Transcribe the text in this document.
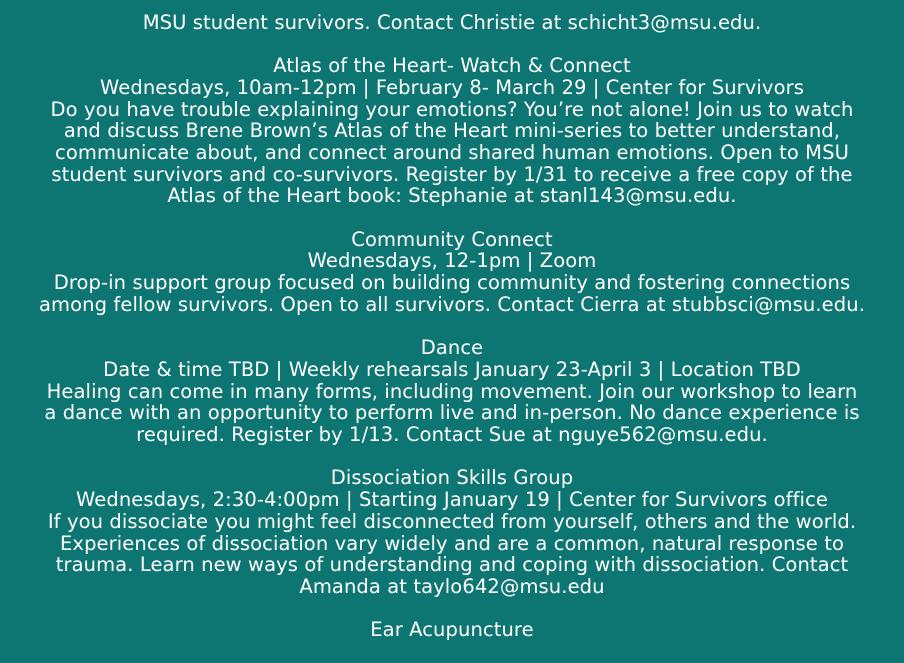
MSU student survivors. Contact Christie at schicht3@msu.edu.
Atlas of the Heart- Watch & Connect
Wednesdays, 10am-12pm | February 8- March 29 | Center for Survivors
Do you have trouble explaining your emotions? You’re not alone! Join us to watch
and discuss Brene Brown’s Atlas of the Heart mini-series to better understand,
communicate about, and connect around shared human emotions. Open to MSU
student survivors and co-survivors. Register by 1/31 to receive a free copy of the
Atlas of the Heart book: Stephanie at stanl143@msu.edu.
Community Connect
Wednesdays, 12-1pm | Zoom
Drop-in support group focused on building community and fostering connections
among fellow survivors. Open to all survivors. Contact Cierra at stubbsci@msu.edu.
Dance
Date & time TBD | Weekly rehearsals January 23-April 3 | Location TBD
Healing can come in many forms, including movement. Join our workshop to learn
a dance with an opportunity to perform live and in-person. No dance experience is
required. Register by 1/13. Contact Sue at nguye562@msu.edu.
Dissociation Skills Group
Wednesdays, 2:30-4:00pm | Starting January 19 | Center for Survivors office
If you dissociate you might feel disconnected from yourself, others and the world.
Experiences of dissociation vary widely and are a common, natural response to
trauma. Learn new ways of understanding and coping with dissociation. Contact
Amanda at taylo642@msu.edu
Ear Acupuncture
